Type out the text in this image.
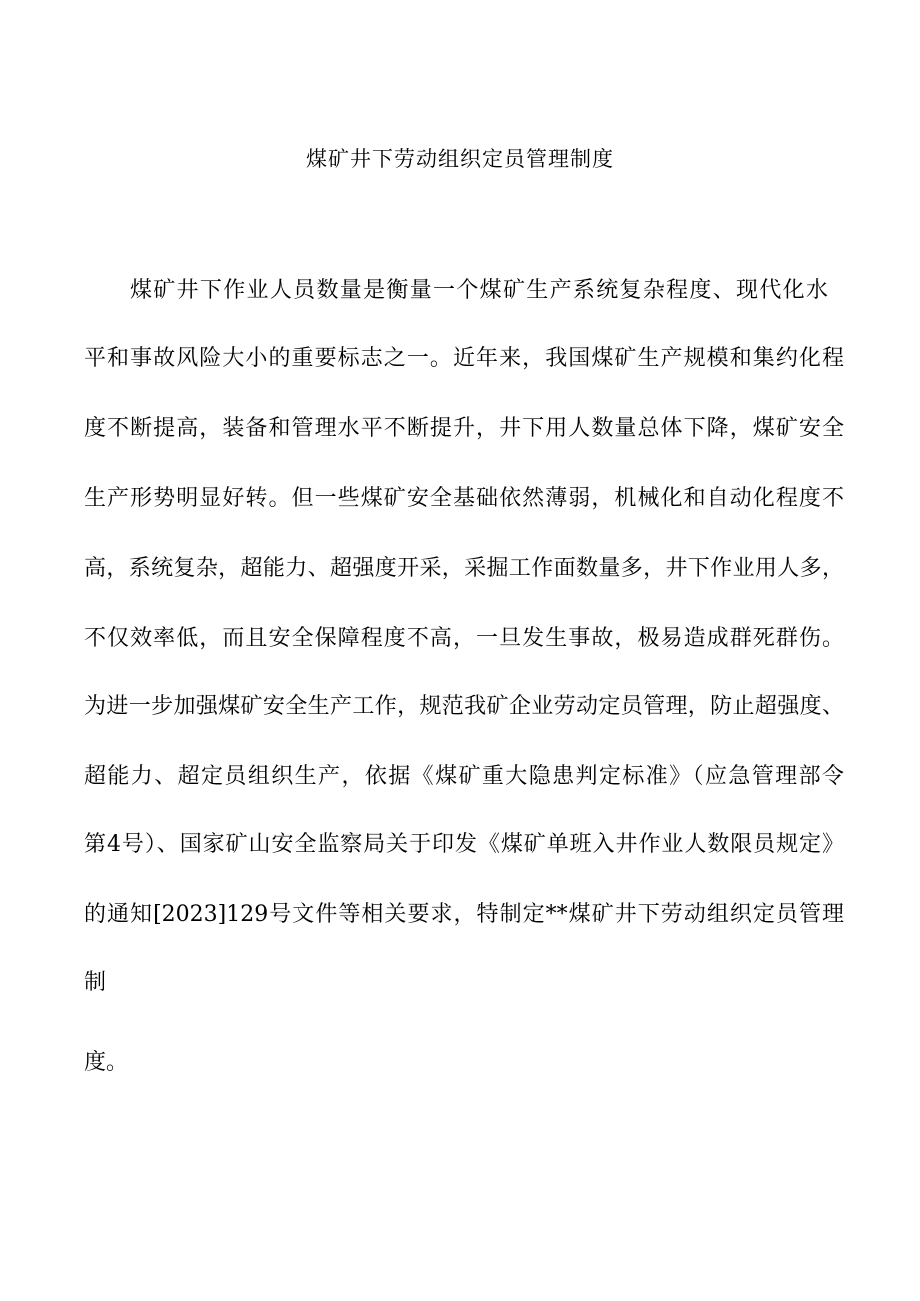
煤矿井下劳动组织定员管理制度
煤矿井下作业人员数量是衡量一个煤矿生产系统复杂程度、现代化水
平和事故风险大小的重要标志之一。近年来，我国煤矿生产规模和集约化程
度不断提高，装备和管理水平不断提升，井下用人数量总体下降，煤矿安全
生产形势明显好转。但一些煤矿安全基础依然薄弱，机械化和自动化程度不
高，系统复杂，超能力、超强度开采，采掘工作面数量多，井下作业用人多，
不仅效率低，而且安全保障程度不高，一旦发生事故，极易造成群死群伤。
为进一步加强煤矿安全生产工作，规范我矿企业劳动定员管理，防止超强度、
超能力、超定员组织生产，依据《煤矿重大隐患判定标准》（应急管理部令
第4号）、国家矿山安全监察局关于印发《煤矿单班入井作业人数限员规定》
的通知[2023]129号文件等相关要求，特制定**煤矿井下劳动组织定员管理
制
度。
